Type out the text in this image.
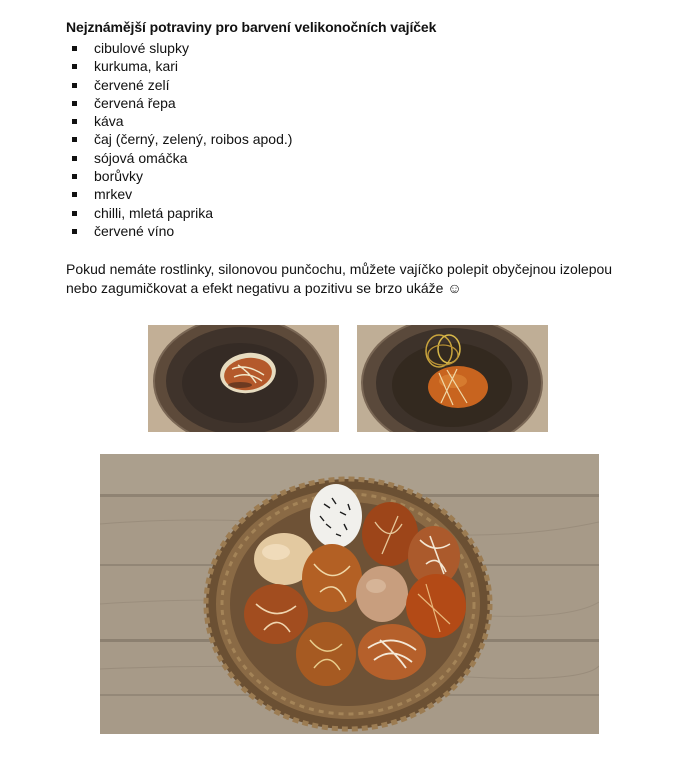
Nejznámější potraviny pro barvení velikonočních vajíček
cibulové slupky
kurkuma, kari
červené zelí
červená řepa
káva
čaj (černý, zelený, roibos apod.)
sójová omáčka
borůvky
mrkev
chilli, mletá paprika
červené víno

Pokud nemáte rostlinky, silonovou punčochu, můžete vajíčko polepit obyčejnou izolepou nebo zagumičkovat a efekt negativu a pozitivu se brzo ukáže ☺
